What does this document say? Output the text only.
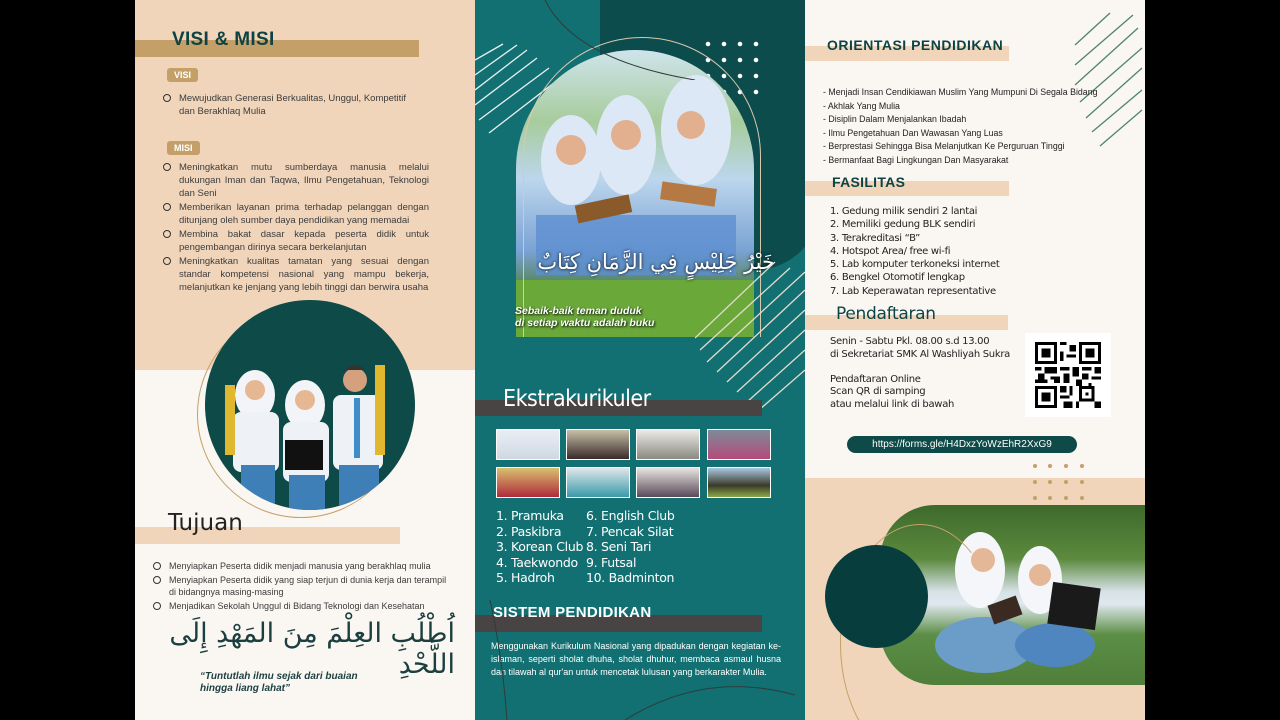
VISI & MISI
VISI
Mewujudkan Generasi Berkualitas, Unggul, Kompetitif dan Berakhlaq Mulia
MISI
Meningkatkan mutu sumberdaya manusia melalui dukungan Iman dan Taqwa, Ilmu Pengetahuan, Teknologi dan Seni
Memberikan layanan prima terhadap pelanggan dengan ditunjang oleh sumber daya pendidikan yang memadai
Membina bakat dasar kepada peserta didik untuk pengembangan dirinya secara berkelanjutan
Meningkatkan kualitas tamatan yang sesuai dengan standar kompetensi nasional yang mampu bekerja, melanjutkan ke jenjang yang lebih tinggi dan berwira usaha
Tujuan
Menyiapkan Peserta didik menjadi manusia yang berakhlaq mulia
Menyiapkan Peserta didik yang siap terjun di dunia kerja dan terampil di bidangnya masing-masing
Menjadikan Sekolah Unggul di Bidang Teknologi dan Kesehatan
اُطْلُبِ العِلْمَ مِنَ المَهْدِ إِلَى اللَّحْدِ
“Tuntutlah ilmu sejak dari buaian
hingga liang lahat”
خَيْرُ جَلِيْسٍ فِي الزَّمَانِ كِتَابٌ
Sebaik-baik teman duduk
di setiap waktu adalah buku
Ekstrakurikuler
1. Pramuka
2. Paskibra
3. Korean Club
4. Taekwondo
5. Hadroh
6. English Club
7. Pencak Silat
8. Seni Tari
9. Futsal
10. Badminton
SISTEM PENDIDIKAN
Menggunakan Kurikulum Nasional yang dipadukan dengan kegiatan ke-islaman, seperti sholat dhuha, sholat dhuhur, membaca asmaul husna dan tilawah al qur'an untuk mencetak lulusan yang berkarakter Mulia.
ORIENTASI PENDIDIKAN
- Menjadi Insan Cendikiawan Muslim Yang Mumpuni Di Segala Bidang
- Akhlak Yang Mulia
- Disiplin Dalam Menjalankan Ibadah
- Ilmu Pengetahuan Dan Wawasan Yang Luas
- Berprestasi Sehingga Bisa Melanjutkan Ke Perguruan Tinggi
- Bermanfaat Bagi Lingkungan Dan Masyarakat
FASILITAS
1. Gedung milik sendiri 2 lantai
2. Memiliki gedung BLK sendiri
3. Terakreditasi “B”
4. Hotspot Area/ free wi-fi
5. Lab komputer terkoneksi internet
6. Bengkel Otomotif lengkap
7. Lab Keperawatan representative
Pendaftaran
Senin - Sabtu Pkl. 08.00 s.d 13.00
di Sekretariat SMK Al Washliyah Sukra
Pendaftaran Online
Scan QR di samping
atau melalui link di bawah
https://forms.gle/H4DxzYoWzEhR2XxG9
